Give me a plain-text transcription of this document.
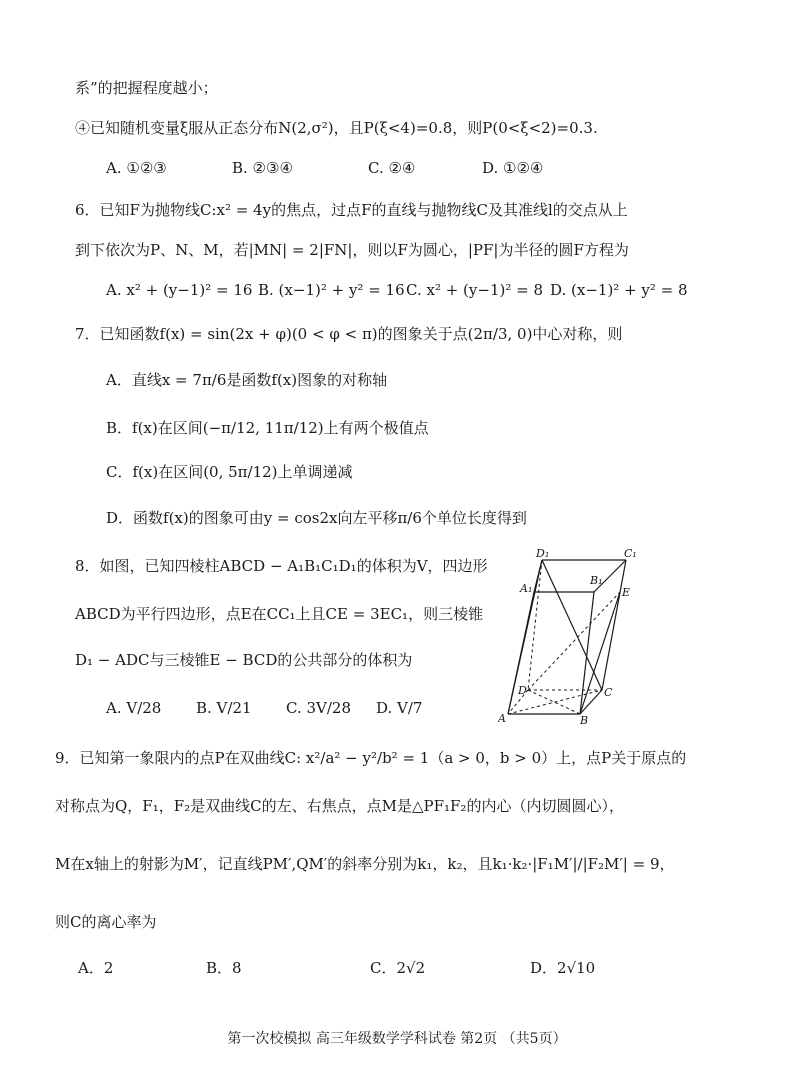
系”的把握程度越小；
④已知随机变量ξ服从正态分布N(2,σ²)，且P(ξ<4)=0.8，则P(0<ξ<2)=0.3.
A. ①②③	B. ②③④	C. ②④	D. ①②④
6．已知F为抛物线C:x² = 4y的焦点，过点F的直线与抛物线C及其准线l的交点从上
到下依次为P、N、M，若|MN| = 2|FN|，则以F为圆心，|PF|为半径的圆F方程为
A. x² + (y−1)² = 16 B. (x−1)² + y² = 16 C. x² + (y−1)² = 8 D. (x−1)² + y² = 8
7．已知函数f(x) = sin(2x + φ)(0 < φ < π)的图象关于点(2π/3, 0)中心对称，则
A．直线x = 7π/6是函数f(x)图象的对称轴
B．f(x)在区间(−π/12, 11π/12)上有两个极值点
C．f(x)在区间(0, 5π/12)上单调递减
D．函数f(x)的图象可由y = cos2x向左平移π/6个单位长度得到
8．如图，已知四棱柱ABCD − A₁B₁C₁D₁的体积为V，四边形
ABCD为平行四边形，点E在CC₁上且CE = 3EC₁，则三棱锥
D₁ − ADC与三棱锥E − BCD的公共部分的体积为
A. V/28 B. V/21 C. 3V/28 D. V/7
D₁	C₁
A₁
B₁
E
D	C
A	B
9．已知第一象限内的点P在双曲线C: x²/a² − y²/b² = 1（a > 0，b > 0）上，点P关于原点的
对称点为Q，F₁，F₂是双曲线C的左、右焦点，点M是△PF₁F₂的内心（内切圆圆心），
M在x轴上的射影为M′，记直线PM′,QM′的斜率分别为k₁，k₂，且k₁·k₂·|F₁M′|/|F₂M′| = 9，
则C的离心率为
A．2	B．8	C．2√2	D．2√10
第一次校模拟 高三年级数学学科试卷 第2页 （共5页）
